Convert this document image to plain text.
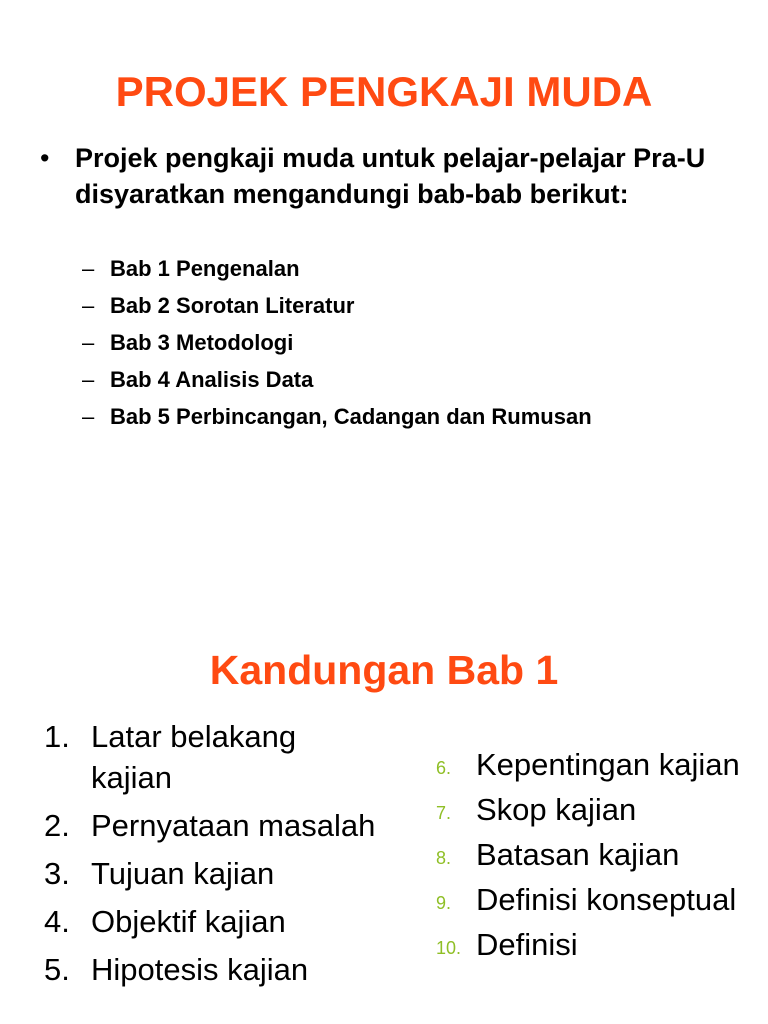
PROJEK PENGKAJI MUDA
• Projek pengkaji muda untuk pelajar-pelajar Pra-U disyaratkan mengandungi bab-bab berikut:
– Bab 1 Pengenalan
– Bab 2 Sorotan Literatur
– Bab 3 Metodologi
– Bab 4 Analisis Data
– Bab 5 Perbincangan, Cadangan dan Rumusan
Kandungan Bab 1
1. Latar belakang kajian
2. Pernyataan masalah
3. Tujuan kajian
4. Objektif kajian
5. Hipotesis kajian
6. Kepentingan kajian
7. Skop kajian
8. Batasan kajian
9. Definisi konseptual
10. Definisi
